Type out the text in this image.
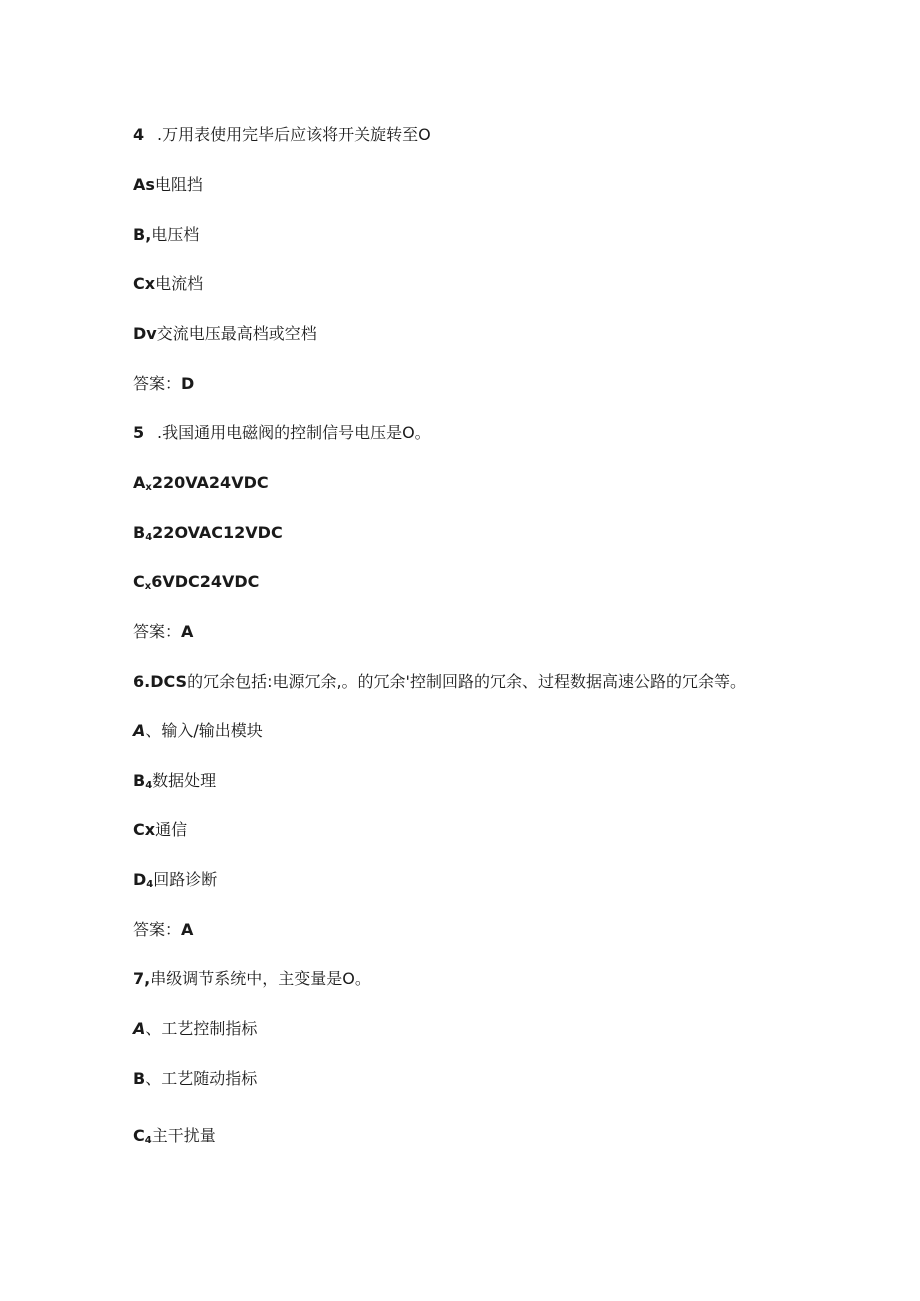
4 .万用表使用完毕后应该将开关旋转至O
As电阻挡
B,电压档
Cx电流档
Dv交流电压最高档或空档
答案：D
5 .我国通用电磁阀的控制信号电压是O。
$A_x220VA24VDC$
$B_422OVAC12VDC$
$C_x6VDC24VDC$
答案：A
6.DCS的冗余包括:电源冗余,。的冗余'控制回路的冗余、过程数据高速公路的冗余等。
A、输入/输出模块
$B_4$数据处理
Cx通信
$D_4$回路诊断
答案：A
7,串级调节系统中，主变量是O。
A、工艺控制指标
B、工艺随动指标
$C_4$主干扰量
